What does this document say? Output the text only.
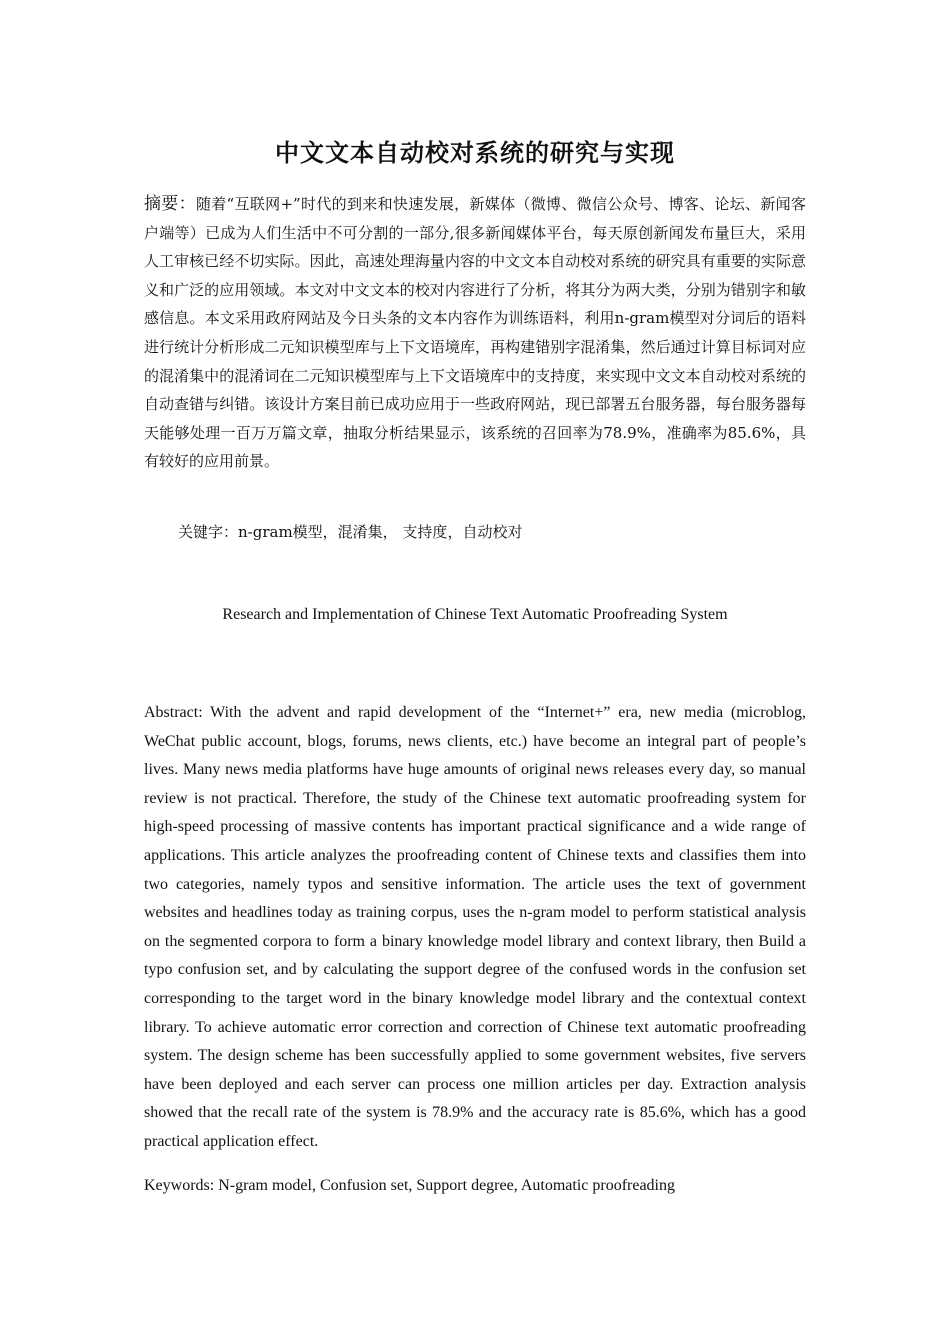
中文文本自动校对系统的研究与实现

摘要：随着“互联网+”时代的到来和快速发展，新媒体（微博、微信公众号、博客、论坛、新闻客户端等）已成为人们生活中不可分割的一部分,很多新闻媒体平台，每天原创新闻发布量巨大，采用人工审核已经不切实际。因此，高速处理海量内容的中文文本自动校对系统的研究具有重要的实际意义和广泛的应用领域。本文对中文文本的校对内容进行了分析，将其分为两大类，分别为错别字和敏感信息。本文采用政府网站及今日头条的文本内容作为训练语料，利用n-gram模型对分词后的语料进行统计分析形成二元知识模型库与上下文语境库，再构建错别字混淆集，然后通过计算目标词对应的混淆集中的混淆词在二元知识模型库与上下文语境库中的支持度，来实现中文文本自动校对系统的自动查错与纠错。该设计方案目前已成功应用于一些政府网站，现已部署五台服务器，每台服务器每天能够处理一百万万篇文章，抽取分析结果显示，该系统的召回率为78.9%，准确率为85.6%，具有较好的应用前景。

关键字：n-gram模型，混淆集， 支持度，自动校对

Research and Implementation of Chinese Text Automatic Proofreading System

Abstract: With the advent and rapid development of the “Internet+” era, new media (microblog, WeChat public account, blogs, forums, news clients, etc.) have become an integral part of people’s lives. Many news media platforms have huge amounts of original news releases every day, so manual review is not practical. Therefore, the study of the Chinese text automatic proofreading system for high-speed processing of massive contents has important practical significance and a wide range of applications. This article analyzes the proofreading content of Chinese texts and classifies them into two categories, namely typos and sensitive information. The article uses the text of government websites and headlines today as training corpus, uses the n-gram model to perform statistical analysis on the segmented corpora to form a binary knowledge model library and context library, then Build a typo confusion set, and by calculating the support degree of the confused words in the confusion set corresponding to the target word in the binary knowledge model library and the contextual context library. To achieve automatic error correction and correction of Chinese text automatic proofreading system. The design scheme has been successfully applied to some government websites, five servers have been deployed and each server can process one million articles per day. Extraction analysis showed that the recall rate of the system is 78.9% and the accuracy rate is 85.6%, which has a good practical application effect.

Keywords: N-gram model, Confusion set, Support degree, Automatic proofreading
